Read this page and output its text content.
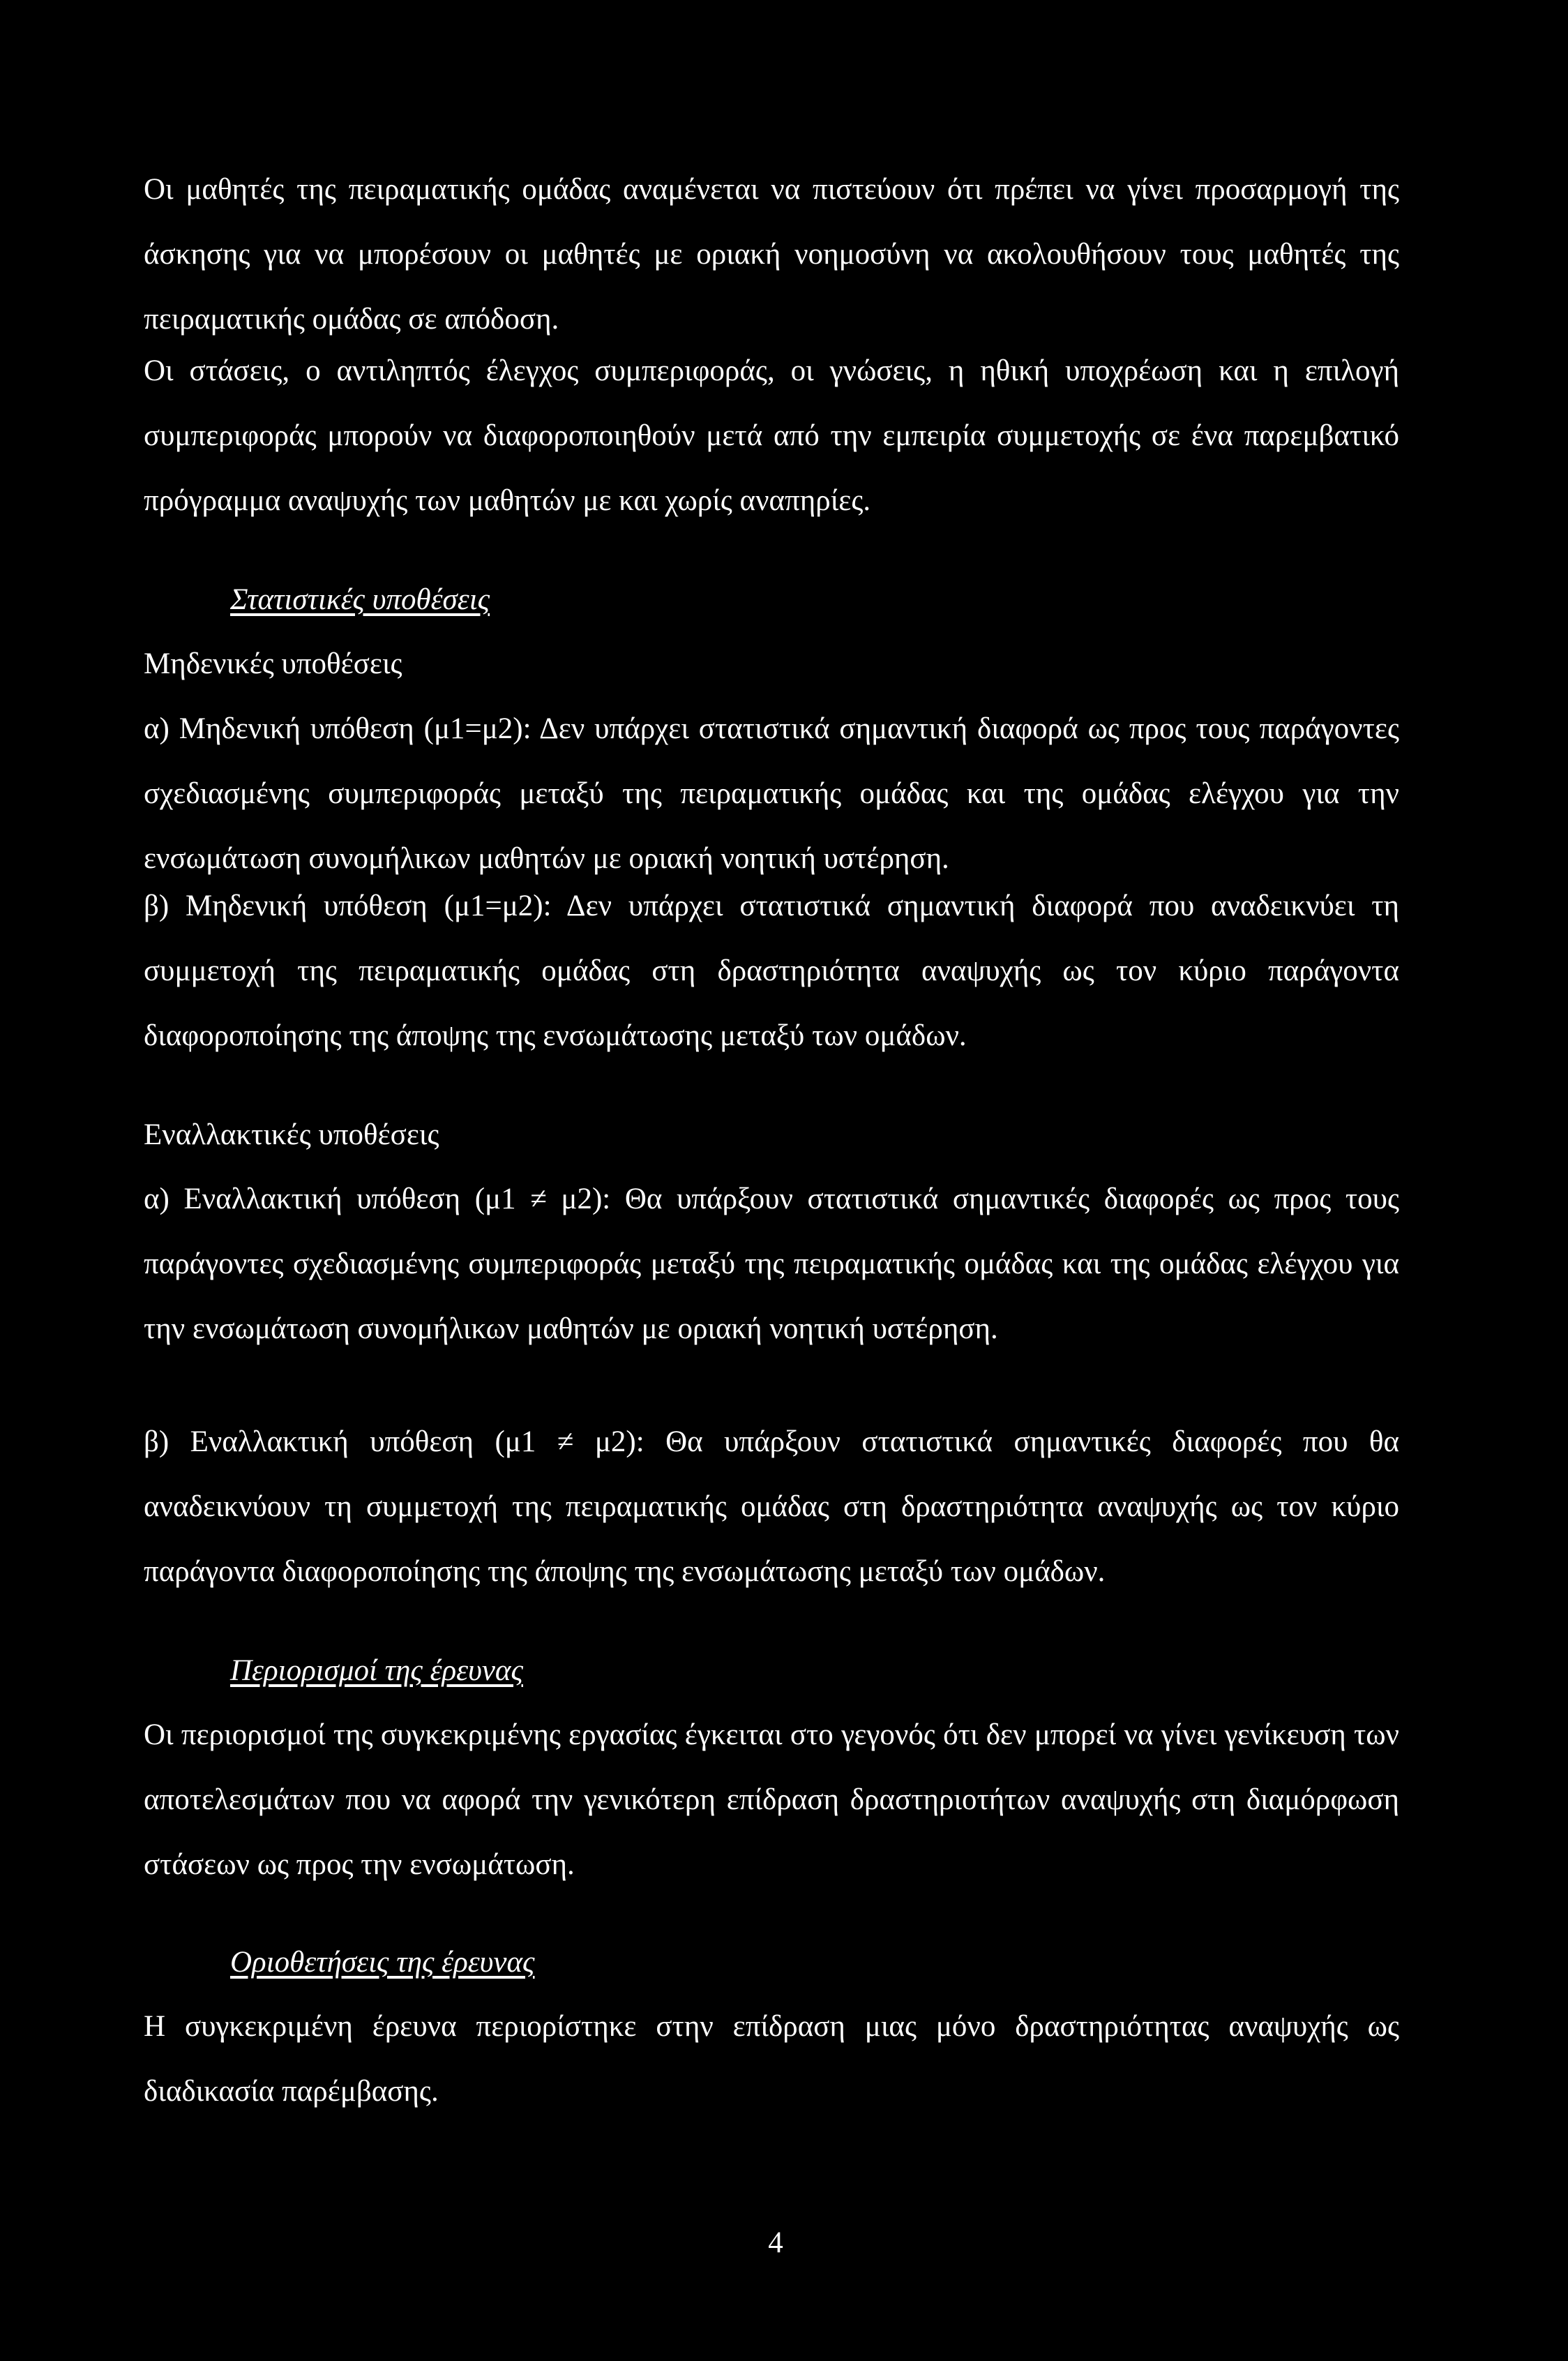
Οι μαθητές της πειραματικής ομάδας αναμένεται να πιστεύουν ότι πρέπει να γίνει προσαρμογή της άσκησης για να μπορέσουν οι μαθητές με οριακή νοημοσύνη να ακολουθήσουν τους μαθητές της πειραματικής ομάδας σε απόδοση.

Οι στάσεις, ο αντιληπτός έλεγχος συμπεριφοράς, οι γνώσεις, η ηθική υποχρέωση και η επιλογή συμπεριφοράς μπορούν να διαφοροποιηθούν μετά από την εμπειρία συμμετοχής σε ένα παρεμβατικό πρόγραμμα αναψυχής των μαθητών με και χωρίς αναπηρίες.

Στατιστικές υποθέσεις

Μηδενικές υποθέσεις

α) Μηδενική υπόθεση (μ1=μ2): Δεν υπάρχει στατιστικά σημαντική διαφορά ως προς τους παράγοντες σχεδιασμένης συμπεριφοράς μεταξύ της πειραματικής ομάδας και της ομάδας ελέγχου για την ενσωμάτωση συνομήλικων μαθητών με οριακή νοητική υστέρηση.

β) Μηδενική υπόθεση (μ1=μ2): Δεν υπάρχει στατιστικά σημαντική διαφορά που αναδεικνύει τη συμμετοχή της πειραματικής ομάδας στη δραστηριότητα αναψυχής ως τον κύριο παράγοντα διαφοροποίησης της άποψης της ενσωμάτωσης μεταξύ των ομάδων.

Εναλλακτικές υποθέσεις

α) Εναλλακτική υπόθεση (μ1 ≠ μ2): Θα υπάρξουν στατιστικά σημαντικές διαφορές ως προς τους παράγοντες σχεδιασμένης συμπεριφοράς μεταξύ της πειραματικής ομάδας και της ομάδας ελέγχου για την ενσωμάτωση συνομήλικων μαθητών με οριακή νοητική υστέρηση.

β) Εναλλακτική υπόθεση (μ1 ≠ μ2): Θα υπάρξουν στατιστικά σημαντικές διαφορές που θα αναδεικνύουν τη συμμετοχή της πειραματικής ομάδας στη δραστηριότητα αναψυχής ως τον κύριο παράγοντα διαφοροποίησης της άποψης της ενσωμάτωσης μεταξύ των ομάδων.

Περιορισμοί της έρευνας

Οι περιορισμοί της συγκεκριμένης εργασίας έγκειται στο γεγονός ότι δεν μπορεί να γίνει γενίκευση των αποτελεσμάτων που να αφορά την γενικότερη επίδραση δραστηριοτήτων αναψυχής στη διαμόρφωση στάσεων ως προς την ενσωμάτωση.

Οριοθετήσεις της έρευνας

Η συγκεκριμένη έρευνα περιορίστηκε στην επίδραση μιας μόνο δραστηριότητας αναψυχής ως διαδικασία παρέμβασης.

4
